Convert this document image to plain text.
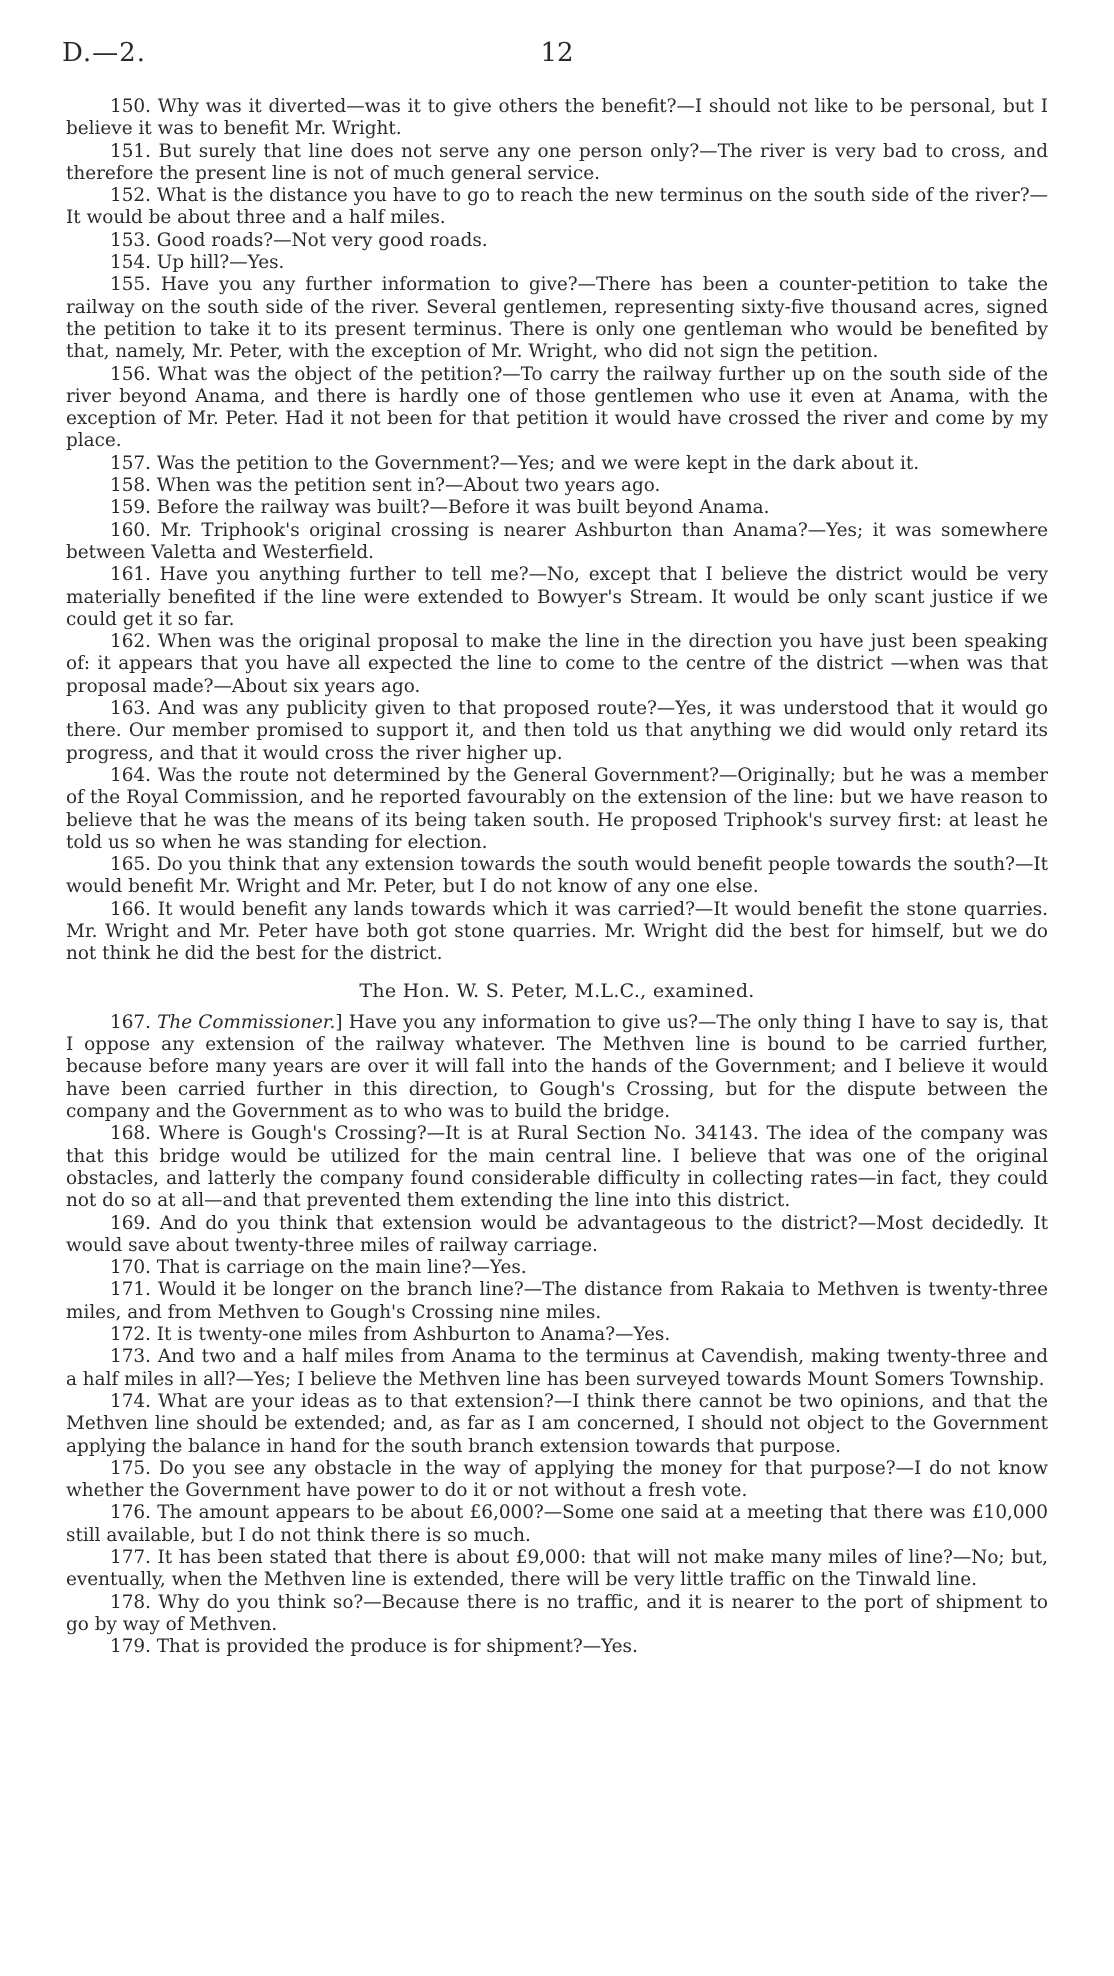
D.—2.	12

150. Why was it diverted—was it to give others the benefit?—I should not like to be personal, but I believe it was to benefit Mr. Wright.

151. But surely that line does not serve any one person only?—The river is very bad to cross, and therefore the present line is not of much general service.

152. What is the distance you have to go to reach the new terminus on the south side of the river?—It would be about three and a half miles.

153. Good roads?—Not very good roads.

154. Up hill?—Yes.

155. Have you any further information to give?—There has been a counter-petition to take the railway on the south side of the river. Several gentlemen, representing sixty-five thousand acres, signed the petition to take it to its present terminus. There is only one gentleman who would be benefited by that, namely, Mr. Peter, with the exception of Mr. Wright, who did not sign the petition.

156. What was the object of the petition?—To carry the railway further up on the south side of the river beyond Anama, and there is hardly one of those gentlemen who use it even at Anama, with the exception of Mr. Peter. Had it not been for that petition it would have crossed the river and come by my place.

157. Was the petition to the Government?—Yes; and we were kept in the dark about it.

158. When was the petition sent in?—About two years ago.

159. Before the railway was built?—Before it was built beyond Anama.

160. Mr. Triphook's original crossing is nearer Ashburton than Anama?—Yes; it was somewhere between Valetta and Westerfield.

161. Have you anything further to tell me?—No, except that I believe the district would be very materially benefited if the line were extended to Bowyer's Stream. It would be only scant justice if we could get it so far.

162. When was the original proposal to make the line in the direction you have just been speaking of: it appears that you have all expected the line to come to the centre of the district —when was that proposal made?—About six years ago.

163. And was any publicity given to that proposed route?—Yes, it was understood that it would go there. Our member promised to support it, and then told us that anything we did would only retard its progress, and that it would cross the river higher up.

164. Was the route not determined by the General Government?—Originally; but he was a member of the Royal Commission, and he reported favourably on the extension of the line: but we have reason to believe that he was the means of its being taken south. He proposed Triphook's survey first: at least he told us so when he was standing for election.

165. Do you think that any extension towards the south would benefit people towards the south?—It would benefit Mr. Wright and Mr. Peter, but I do not know of any one else.

166. It would benefit any lands towards which it was carried?—It would benefit the stone quarries. Mr. Wright and Mr. Peter have both got stone quarries. Mr. Wright did the best for himself, but we do not think he did the best for the district.

The Hon. W. S. Peter, M.L.C., examined.

167. The Commissioner.] Have you any information to give us?—The only thing I have to say is, that I oppose any extension of the railway whatever. The Methven line is bound to be carried further, because before many years are over it will fall into the hands of the Government; and I believe it would have been carried further in this direction, to Gough's Crossing, but for the dispute between the company and the Government as to who was to build the bridge.

168. Where is Gough's Crossing?—It is at Rural Section No. 34143. The idea of the company was that this bridge would be utilized for the main central line. I believe that was one of the original obstacles, and latterly the company found considerable difficulty in collecting rates—in fact, they could not do so at all—and that prevented them extending the line into this district.

169. And do you think that extension would be advantageous to the district?—Most decidedly. It would save about twenty-three miles of railway carriage.

170. That is carriage on the main line?—Yes.

171. Would it be longer on the branch line?—The distance from Rakaia to Methven is twenty-three miles, and from Methven to Gough's Crossing nine miles.

172. It is twenty-one miles from Ashburton to Anama?—Yes.

173. And two and a half miles from Anama to the terminus at Cavendish, making twenty-three and a half miles in all?—Yes; I believe the Methven line has been surveyed towards Mount Somers Township.

174. What are your ideas as to that extension?—I think there cannot be two opinions, and that the Methven line should be extended; and, as far as I am concerned, I should not object to the Government applying the balance in hand for the south branch extension towards that purpose.

175. Do you see any obstacle in the way of applying the money for that purpose?—I do not know whether the Government have power to do it or not without a fresh vote.

176. The amount appears to be about £6,000?—Some one said at a meeting that there was £10,000 still available, but I do not think there is so much.

177. It has been stated that there is about £9,000: that will not make many miles of line?—No; but, eventually, when the Methven line is extended, there will be very little traffic on the Tinwald line.

178. Why do you think so?—Because there is no traffic, and it is nearer to the port of shipment to go by way of Methven.

179. That is provided the produce is for shipment?—Yes.
